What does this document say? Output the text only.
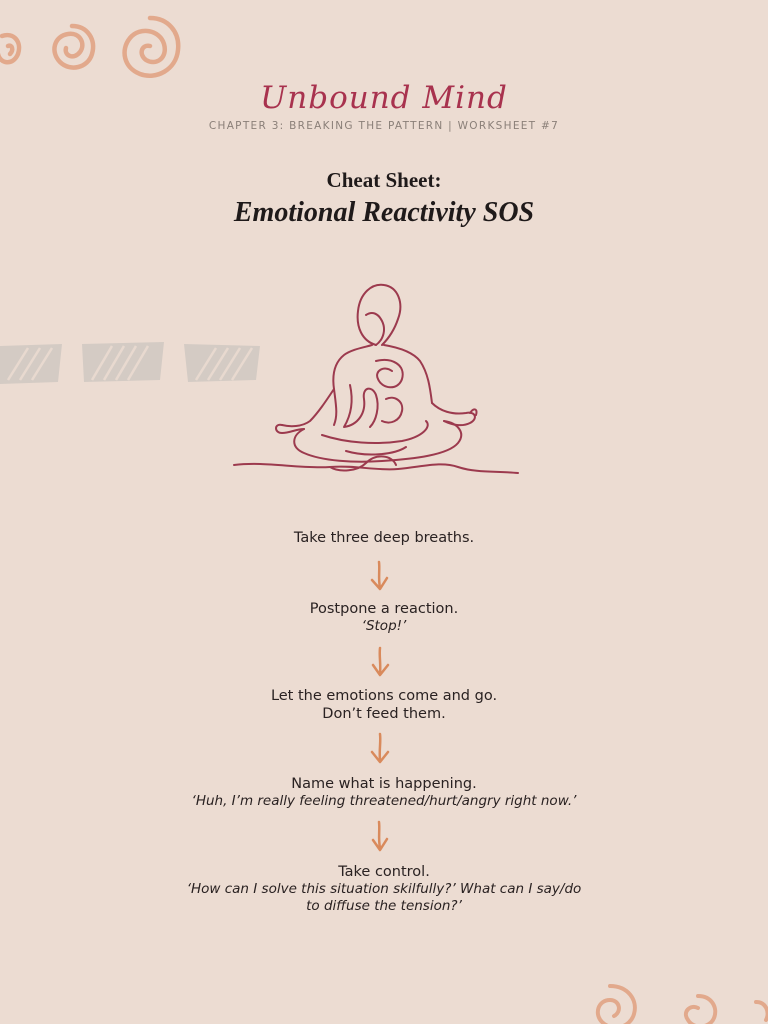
Unbound Mind
CHAPTER 3: BREAKING THE PATTERN | WORKSHEET #7
Cheat Sheet:
Emotional Reactivity SOS
Take three deep breaths.
Postpone a reaction.
‘Stop!’
Let the emotions come and go.
Don’t feed them.
Name what is happening.
‘Huh, I’m really feeling threatened/hurt/angry right now.’
Take control.
‘How can I solve this situation skilfully?’ What can I say/do
to diffuse the tension?’
